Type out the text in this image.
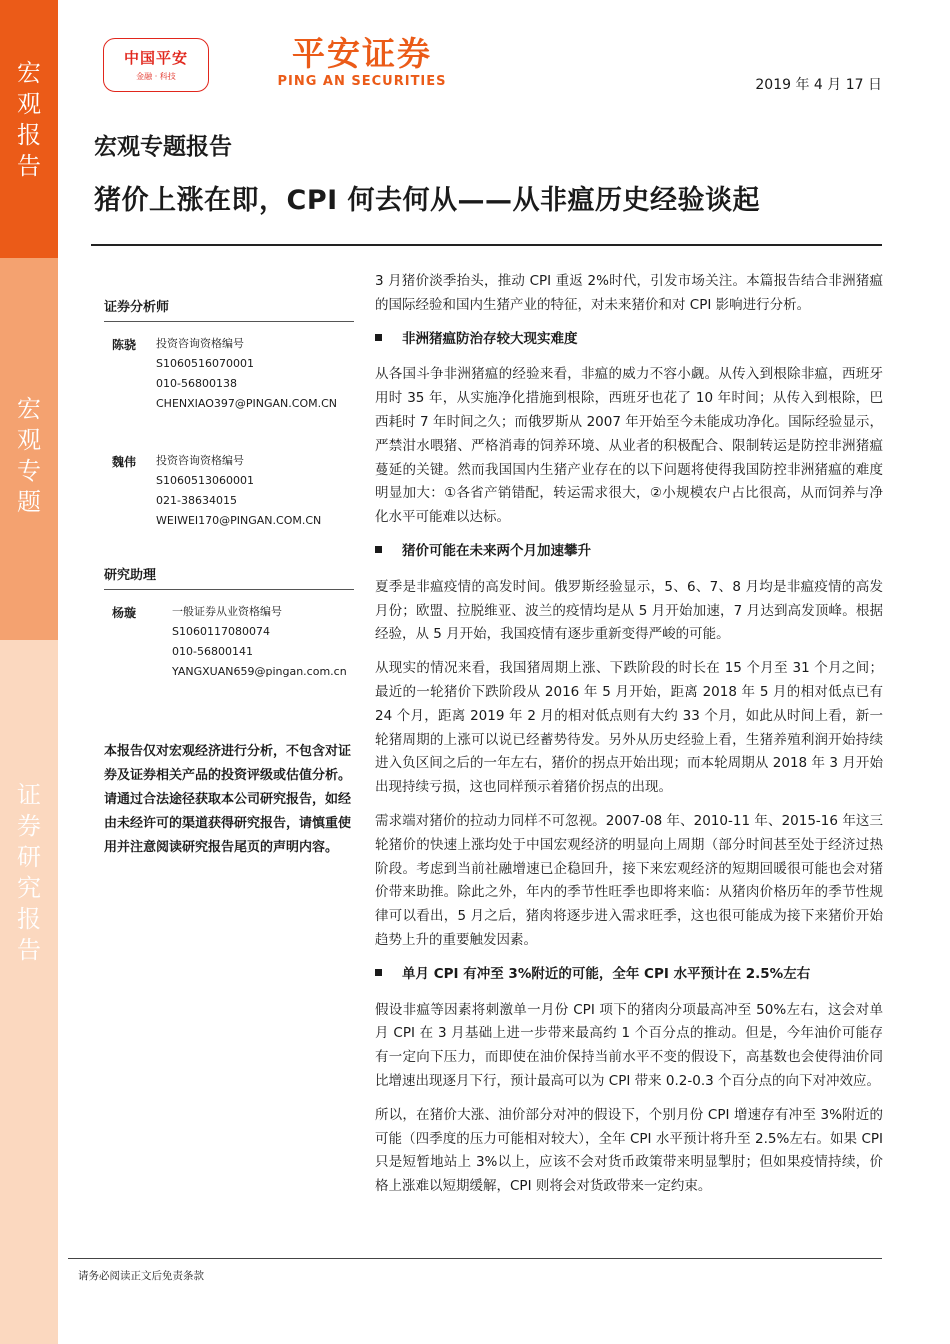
宏
观
报
告
宏
观
专
题
证
券
研
究
报
告
中国平安
金融 · 科技
平安证券
PING AN SECURITIES	2019 年 4 月 17 日
宏观专题报告
猪价上涨在即，CPI 何去何从——从非瘟历史经验谈起
证券分析师
陈骁 投资咨询资格编号
S1060516070001
010-56800138
CHENXIAO397@PINGAN.COM.CN
魏伟 投资咨询资格编号
S1060513060001
021-38634015
WEIWEI170@PINGAN.COM.CN
研究助理
杨璇	一般证券从业资格编号
S1060117080074
010-56800141
YANGXUAN659@pingan.com.cn

本报告仅对宏观经济进行分析，不包含对证券及证券相关产品的投资评级或估值分析。

请通过合法途径获取本公司研究报告，如经由未经许可的渠道获得研究报告，请慎重使用并注意阅读研究报告尾页的声明内容。

3 月猪价淡季抬头，推动 CPI 重返 2%时代，引发市场关注。本篇报告结合非洲猪瘟的国际经验和国内生猪产业的特征，对未来猪价和对 CPI 影响进行分析。

非洲猪瘟防治存较大现实难度

从各国斗争非洲猪瘟的经验来看，非瘟的威力不容小觑。从传入到根除非瘟，西班牙用时 35 年，从实施净化措施到根除，西班牙也花了 10 年时间；从传入到根除，巴西耗时 7 年时间之久；而俄罗斯从 2007 年开始至今未能成功净化。国际经验显示，严禁泔水喂猪、严格消毒的饲养环境、从业者的积极配合、限制转运是防控非洲猪瘟蔓延的关键。然而我国国内生猪产业存在的以下问题将使得我国防控非洲猪瘟的难度明显加大：①各省产销错配，转运需求很大，②小规模农户占比很高，从而饲养与净化水平可能难以达标。

猪价可能在未来两个月加速攀升

夏季是非瘟疫情的高发时间。俄罗斯经验显示，5、6、7、8 月均是非瘟疫情的高发月份；欧盟、拉脱维亚、波兰的疫情均是从 5 月开始加速，7 月达到高发顶峰。根据经验，从 5 月开始，我国疫情有逐步重新变得严峻的可能。

从现实的情况来看，我国猪周期上涨、下跌阶段的时长在 15 个月至 31 个月之间；最近的一轮猪价下跌阶段从 2016 年 5 月开始，距离 2018 年 5 月的相对低点已有 24 个月，距离 2019 年 2 月的相对低点则有大约 33 个月，如此从时间上看，新一轮猪周期的上涨可以说已经蓄势待发。另外从历史经验上看，生猪养殖利润开始持续进入负区间之后的一年左右，猪价的拐点开始出现；而本轮周期从 2018 年 3 月开始出现持续亏损，这也同样预示着猪价拐点的出现。

需求端对猪价的拉动力同样不可忽视。2007-08 年、2010-11 年、2015-16 年这三轮猪价的快速上涨均处于中国宏观经济的明显向上周期（部分时间甚至处于经济过热阶段。考虑到当前社融增速已企稳回升，接下来宏观经济的短期回暖很可能也会对猪价带来助推。除此之外，年内的季节性旺季也即将来临：从猪肉价格历年的季节性规律可以看出，5 月之后，猪肉将逐步进入需求旺季，这也很可能成为接下来猪价开始趋势上升的重要触发因素。

单月 CPI 有冲至 3%附近的可能，全年 CPI 水平预计在 2.5%左右

假设非瘟等因素将刺激单一月份 CPI 项下的猪肉分项最高冲至 50%左右，这会对单月 CPI 在 3 月基础上进一步带来最高约 1 个百分点的推动。但是，今年油价可能存有一定向下压力，而即使在油价保持当前水平不变的假设下，高基数也会使得油价同比增速出现逐月下行，预计最高可以为 CPI 带来 0.2-0.3 个百分点的向下对冲效应。

所以，在猪价大涨、油价部分对冲的假设下，个别月份 CPI 增速存有冲至 3%附近的可能（四季度的压力可能相对较大），全年 CPI 水平预计将升至 2.5%左右。如果 CPI 只是短暂地站上 3%以上，应该不会对货币政策带来明显掣肘；但如果疫情持续，价格上涨难以短期缓解，CPI 则将会对货政带来一定约束。

请务必阅读正文后免责条款
